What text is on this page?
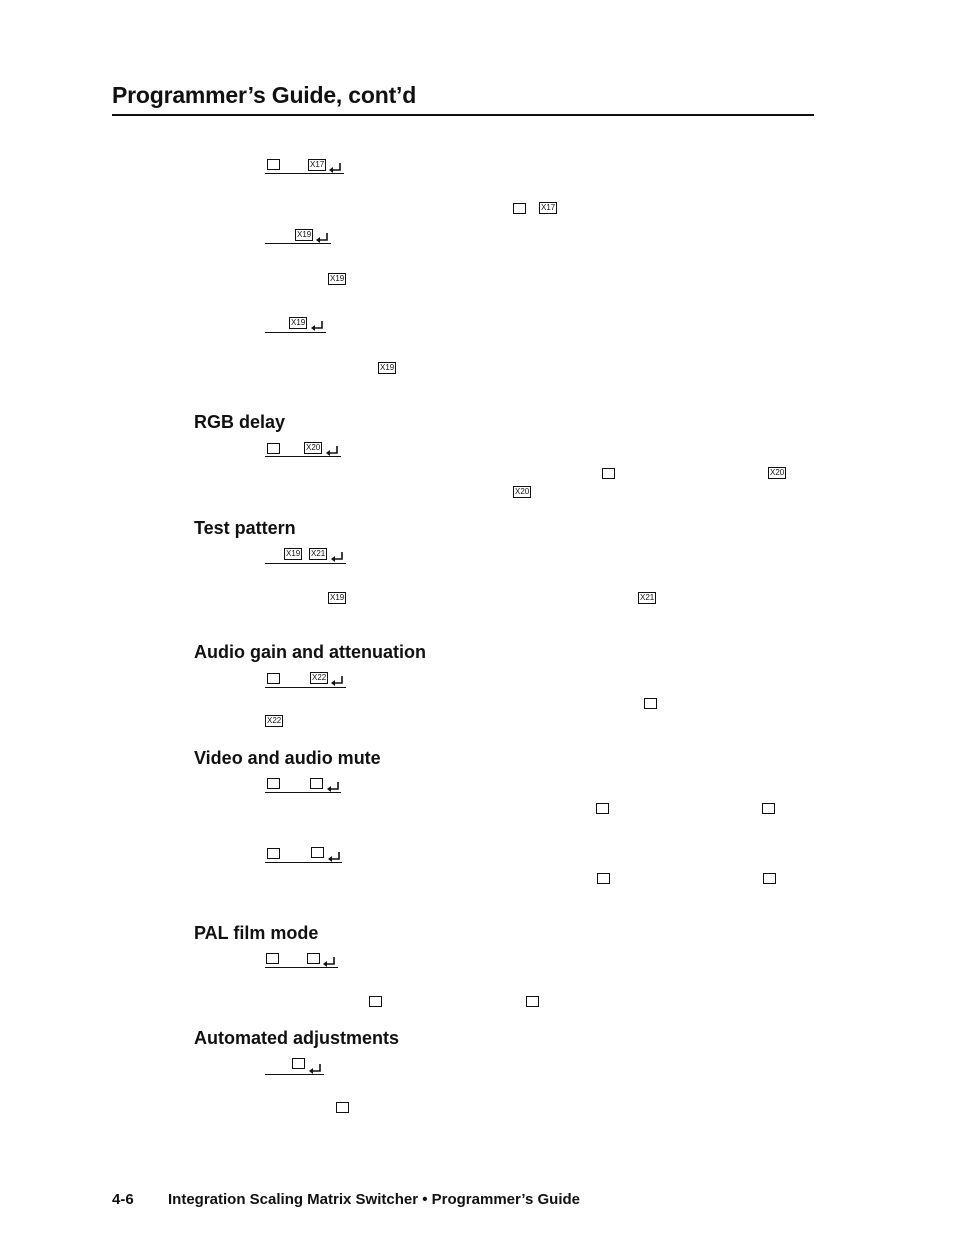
Programmer’s Guide, cont’d
X17
X17
X19
X19
X19
X19
RGB delay
X20
X20
X20
Test pattern
X19 X21
X19	X21
Audio gain and attenuation
X22
X22
Video and audio mute
PAL film mode
Automated adjustments
4-6 Integration Scaling Matrix Switcher • Programmer’s Guide
